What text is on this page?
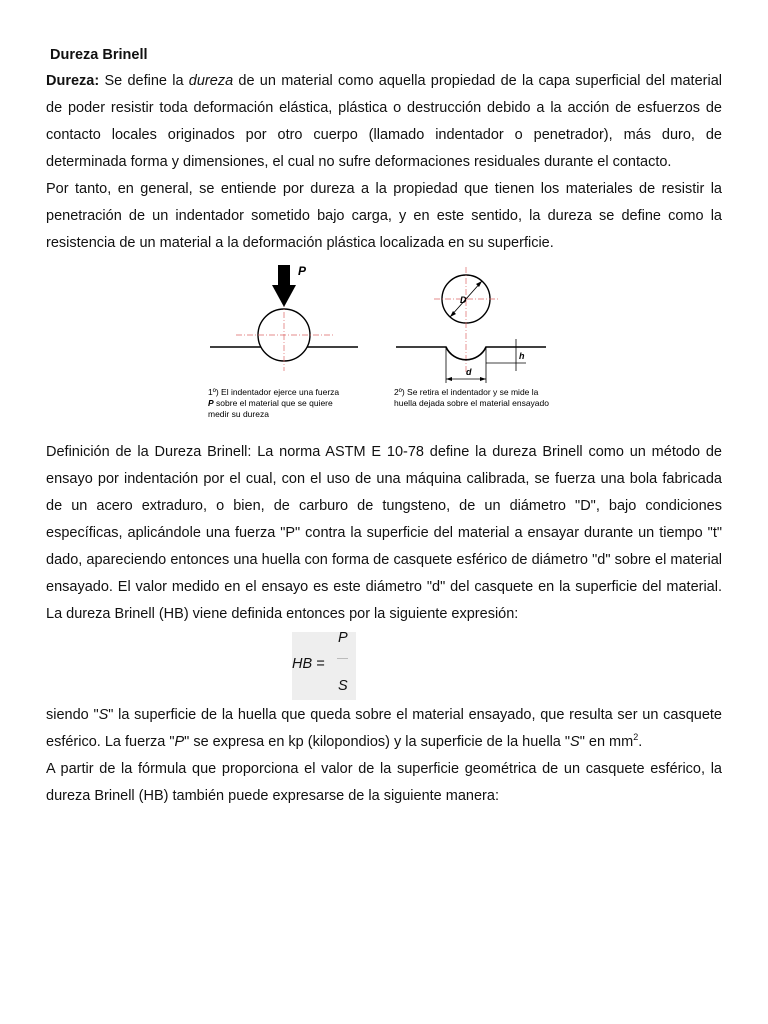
Dureza Brinell

Dureza: Se define la dureza de un material como aquella propiedad de la capa superficial del material de poder resistir toda deformación elástica, plástica o destrucción debido a la acción de esfuerzos de contacto locales originados por otro cuerpo (llamado indentador o penetrador), más duro, de determinada forma y dimensiones, el cual no sufre deformaciones residuales durante el contacto.

Por tanto, en general, se entiende por dureza a la propiedad que tienen los materiales de resistir la penetración de un indentador sometido bajo carga, y en este sentido, la dureza se define como la resistencia de un material a la deformación plástica localizada en su superficie.

P
D
h
d
1º) El indentador ejerce una fuerza
P sobre el material que se quiere
medir su dureza
2º) Se retira el indentador y se mide la
huella dejada sobre el material ensayado

Definición de la Dureza Brinell: La norma ASTM E 10-78 define la dureza Brinell como un método de ensayo por indentación por el cual, con el uso de una máquina calibrada, se fuerza una bola fabricada de un acero extraduro, o bien, de carburo de tungsteno, de un diámetro "D", bajo condiciones específicas, aplicándole una fuerza "P" contra la superficie del material a ensayar durante un tiempo "t" dado, apareciendo entonces una huella con forma de casquete esférico de diámetro "d" sobre el material ensayado. El valor medido en el ensayo es este diámetro "d" del casquete en la superficie del material. La dureza Brinell (HB) viene definida entonces por la siguiente expresión:

HB =
P
S

siendo "S" la superficie de la huella que queda sobre el material ensayado, que resulta ser un casquete esférico. La fuerza "P" se expresa en kp (kilopondios) y la superficie de la huella "S" en $mm^2$.

A partir de la fórmula que proporciona el valor de la superficie geométrica de un casquete esférico, la dureza Brinell (HB) también puede expresarse de la siguiente manera:
